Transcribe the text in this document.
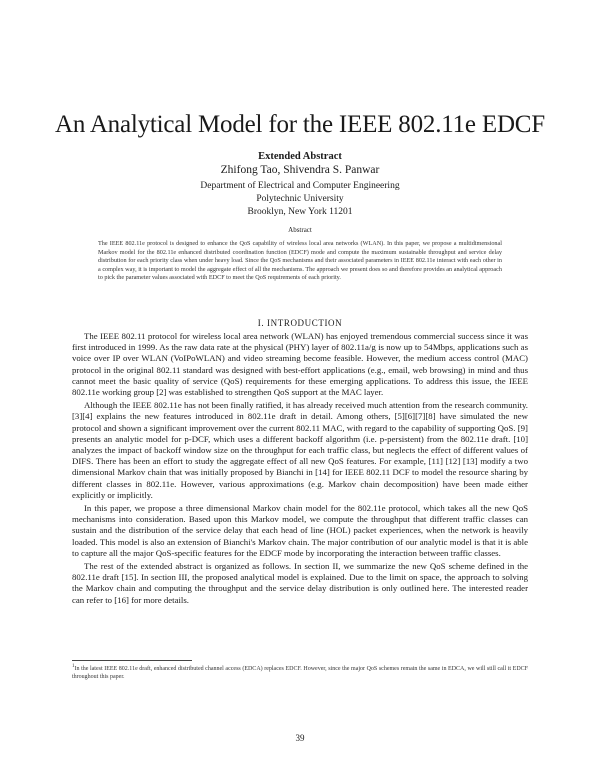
An Analytical Model for the IEEE 802.11e EDCF
Extended Abstract
Zhifong Tao, Shivendra S. Panwar
Department of Electrical and Computer Engineering
Polytechnic University
Brooklyn, New York 11201
Abstract
The IEEE 802.11e protocol is designed to enhance the QoS capability of wireless local area networks (WLAN). In this paper, we propose a multidimensional Markov model for the 802.11e enhanced distributed coordination function (EDCF) mode and compute the maximum sustainable throughput and service delay distribution for each priority class when under heavy load. Since the QoS mechanisms and their associated parameters in IEEE 802.11e interact with each other in a complex way, it is important to model the aggregate effect of all the mechanisms. The approach we present does so and therefore provides an analytical approach to pick the parameter values associated with EDCF to meet the QoS requirements of each priority.
I. INTRODUCTION

The IEEE 802.11 protocol for wireless local area network (WLAN) has enjoyed tremendous commercial success since it was first introduced in 1999. As the raw data rate at the physical (PHY) layer of 802.11a/g is now up to 54Mbps, applications such as voice over IP over WLAN (VoIPoWLAN) and video streaming become feasible. However, the medium access control (MAC) protocol in the original 802.11 standard was designed with best-effort applications (e.g., email, web browsing) in mind and thus cannot meet the basic quality of service (QoS) requirements for these emerging applications. To address this issue, the IEEE 802.11e working group [2] was established to strengthen QoS support at the MAC layer.

Although the IEEE 802.11e has not been finally ratified, it has already received much attention from the research community. [3][4] explains the new features introduced in 802.11e draft in detail. Among others, [5][6][7][8] have simulated the new protocol and shown a significant improvement over the current 802.11 MAC, with regard to the capability of supporting QoS. [9] presents an analytic model for p-DCF, which uses a different backoff algorithm (i.e. p-persistent) from the 802.11e draft. [10] analyzes the impact of backoff window size on the throughput for each traffic class, but neglects the effect of different values of DIFS. There has been an effort to study the aggregate effect of all new QoS features. For example, [11] [12] [13] modify a two dimensional Markov chain that was initially proposed by Bianchi in [14] for IEEE 802.11 DCF to model the resource sharing by different classes in 802.11e. However, various approximations (e.g. Markov chain decomposition) have been made either explicitly or implicitly.

In this paper, we propose a three dimensional Markov chain model for the 802.11e protocol, which takes all the new QoS mechanisms into consideration. Based upon this Markov model, we compute the throughput that different traffic classes can sustain and the distribution of the service delay that each head of line (HOL) packet experiences, when the network is heavily loaded. This model is also an extension of Bianchi's Markov chain. The major contribution of our analytic model is that it is able to capture all the major QoS-specific features for the EDCF mode by incorporating the interaction between traffic classes.

The rest of the extended abstract is organized as follows. In section II, we summarize the new QoS scheme defined in the 802.11e draft [15]. In section III, the proposed analytical model is explained. Due to the limit on space, the approach to solving the Markov chain and computing the throughput and the service delay distribution is only outlined here. The interested reader can refer to [16] for more details.

$^1$In the latest IEEE 802.11e draft, enhanced distributed channel access (EDCA) replaces EDCF. However, since the major QoS schemes remain the same in EDCA, we will still call it EDCF throughout this paper.
39
